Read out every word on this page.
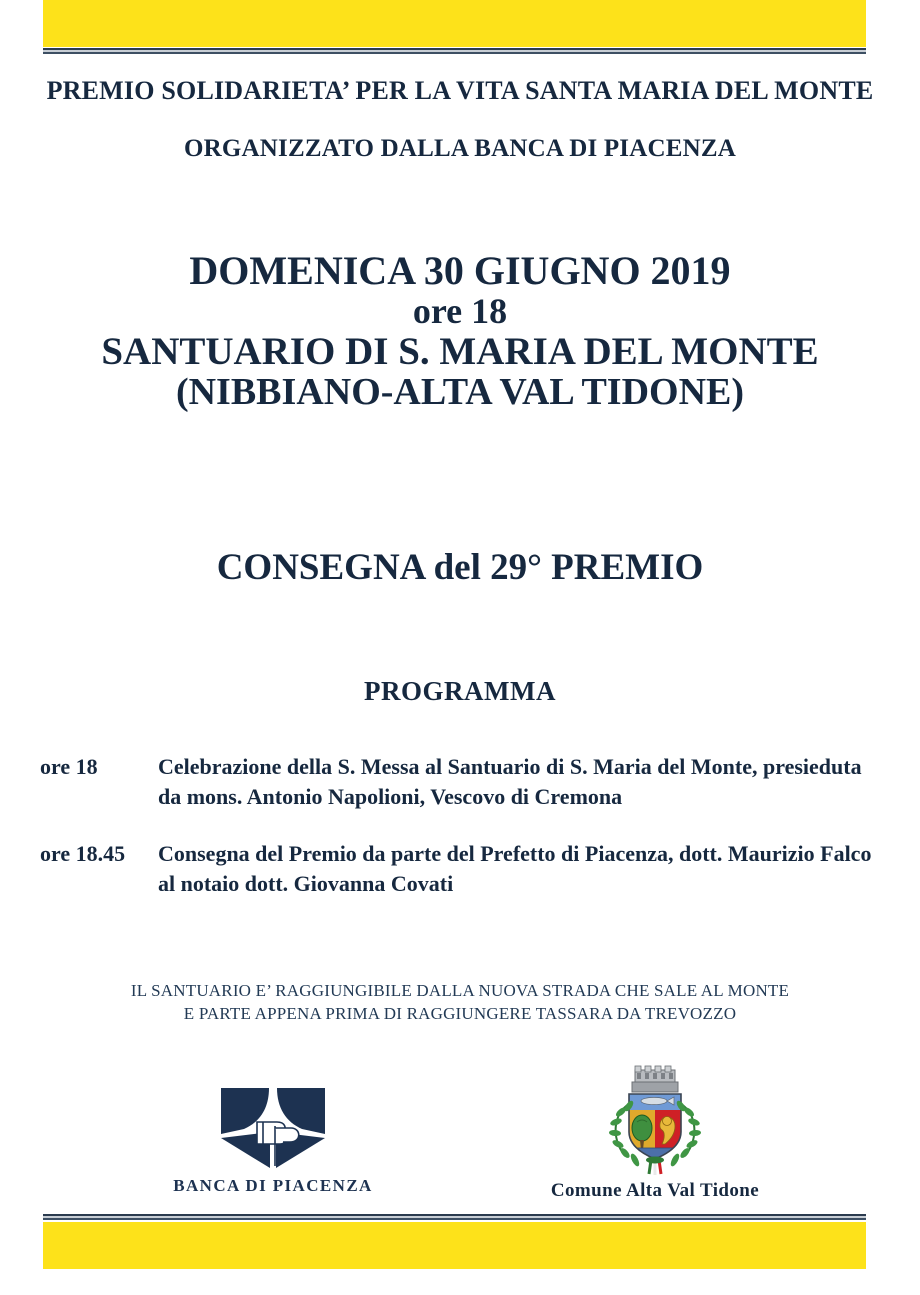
PREMIO SOLIDARIETA’ PER LA VITA SANTA MARIA DEL MONTE
ORGANIZZATO DALLA BANCA DI PIACENZA
DOMENICA 30 GIUGNO 2019
ore 18
SANTUARIO DI S. MARIA DEL MONTE
(NIBBIANO-ALTA VAL TIDONE)
CONSEGNA del 29° PREMIO
PROGRAMMA
ore 18	Celebrazione della S. Messa al Santuario di S. Maria del Monte, presieduta
da mons. Antonio Napolioni, Vescovo di Cremona
ore 18.45	Consegna del Premio da parte del Prefetto di Piacenza, dott. Maurizio Falco
al notaio dott. Giovanna Covati
IL SANTUARIO E’ RAGGIUNGIBILE DALLA NUOVA STRADA CHE SALE AL MONTE
E PARTE APPENA PRIMA DI RAGGIUNGERE TASSARA DA TREVOZZO
BANCA DI PIACENZA	Comune Alta Val Tidone
